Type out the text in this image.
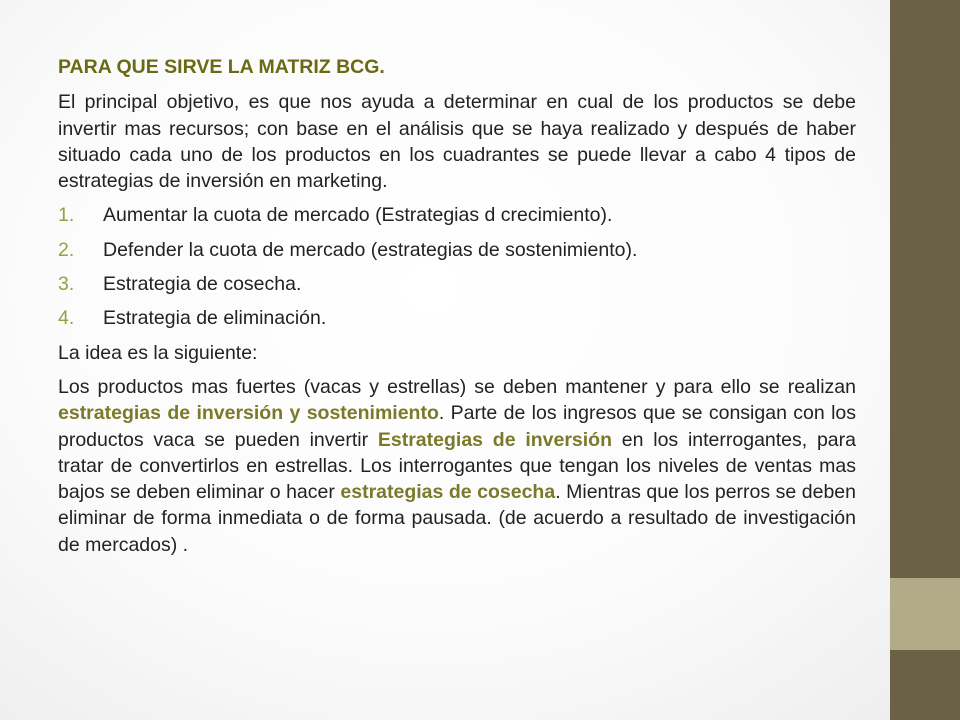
PARA QUE SIRVE LA MATRIZ BCG.

El principal objetivo, es que nos ayuda a determinar en cual de los productos se debe invertir mas recursos; con base en el análisis que se haya realizado y después de haber situado cada uno de los productos en los cuadrantes se puede llevar a cabo 4 tipos de estrategias de inversión en marketing.

1.	Aumentar la cuota de mercado (Estrategias d crecimiento).
2.	Defender la cuota de mercado (estrategias de sostenimiento).
3.	Estrategia de cosecha.
4.	Estrategia de eliminación.

La idea es la siguiente:

Los productos mas fuertes (vacas y estrellas) se deben mantener y para ello se realizan estrategias de inversión y sostenimiento. Parte de los ingresos que se consigan con los productos vaca se pueden invertir Estrategias de inversión en los interrogantes, para tratar de convertirlos en estrellas. Los interrogantes que tengan los niveles de ventas mas bajos se deben eliminar o hacer estrategias de cosecha. Mientras que los perros se deben eliminar de forma inmediata o de forma pausada. (de acuerdo a resultado de investigación de mercados) .
